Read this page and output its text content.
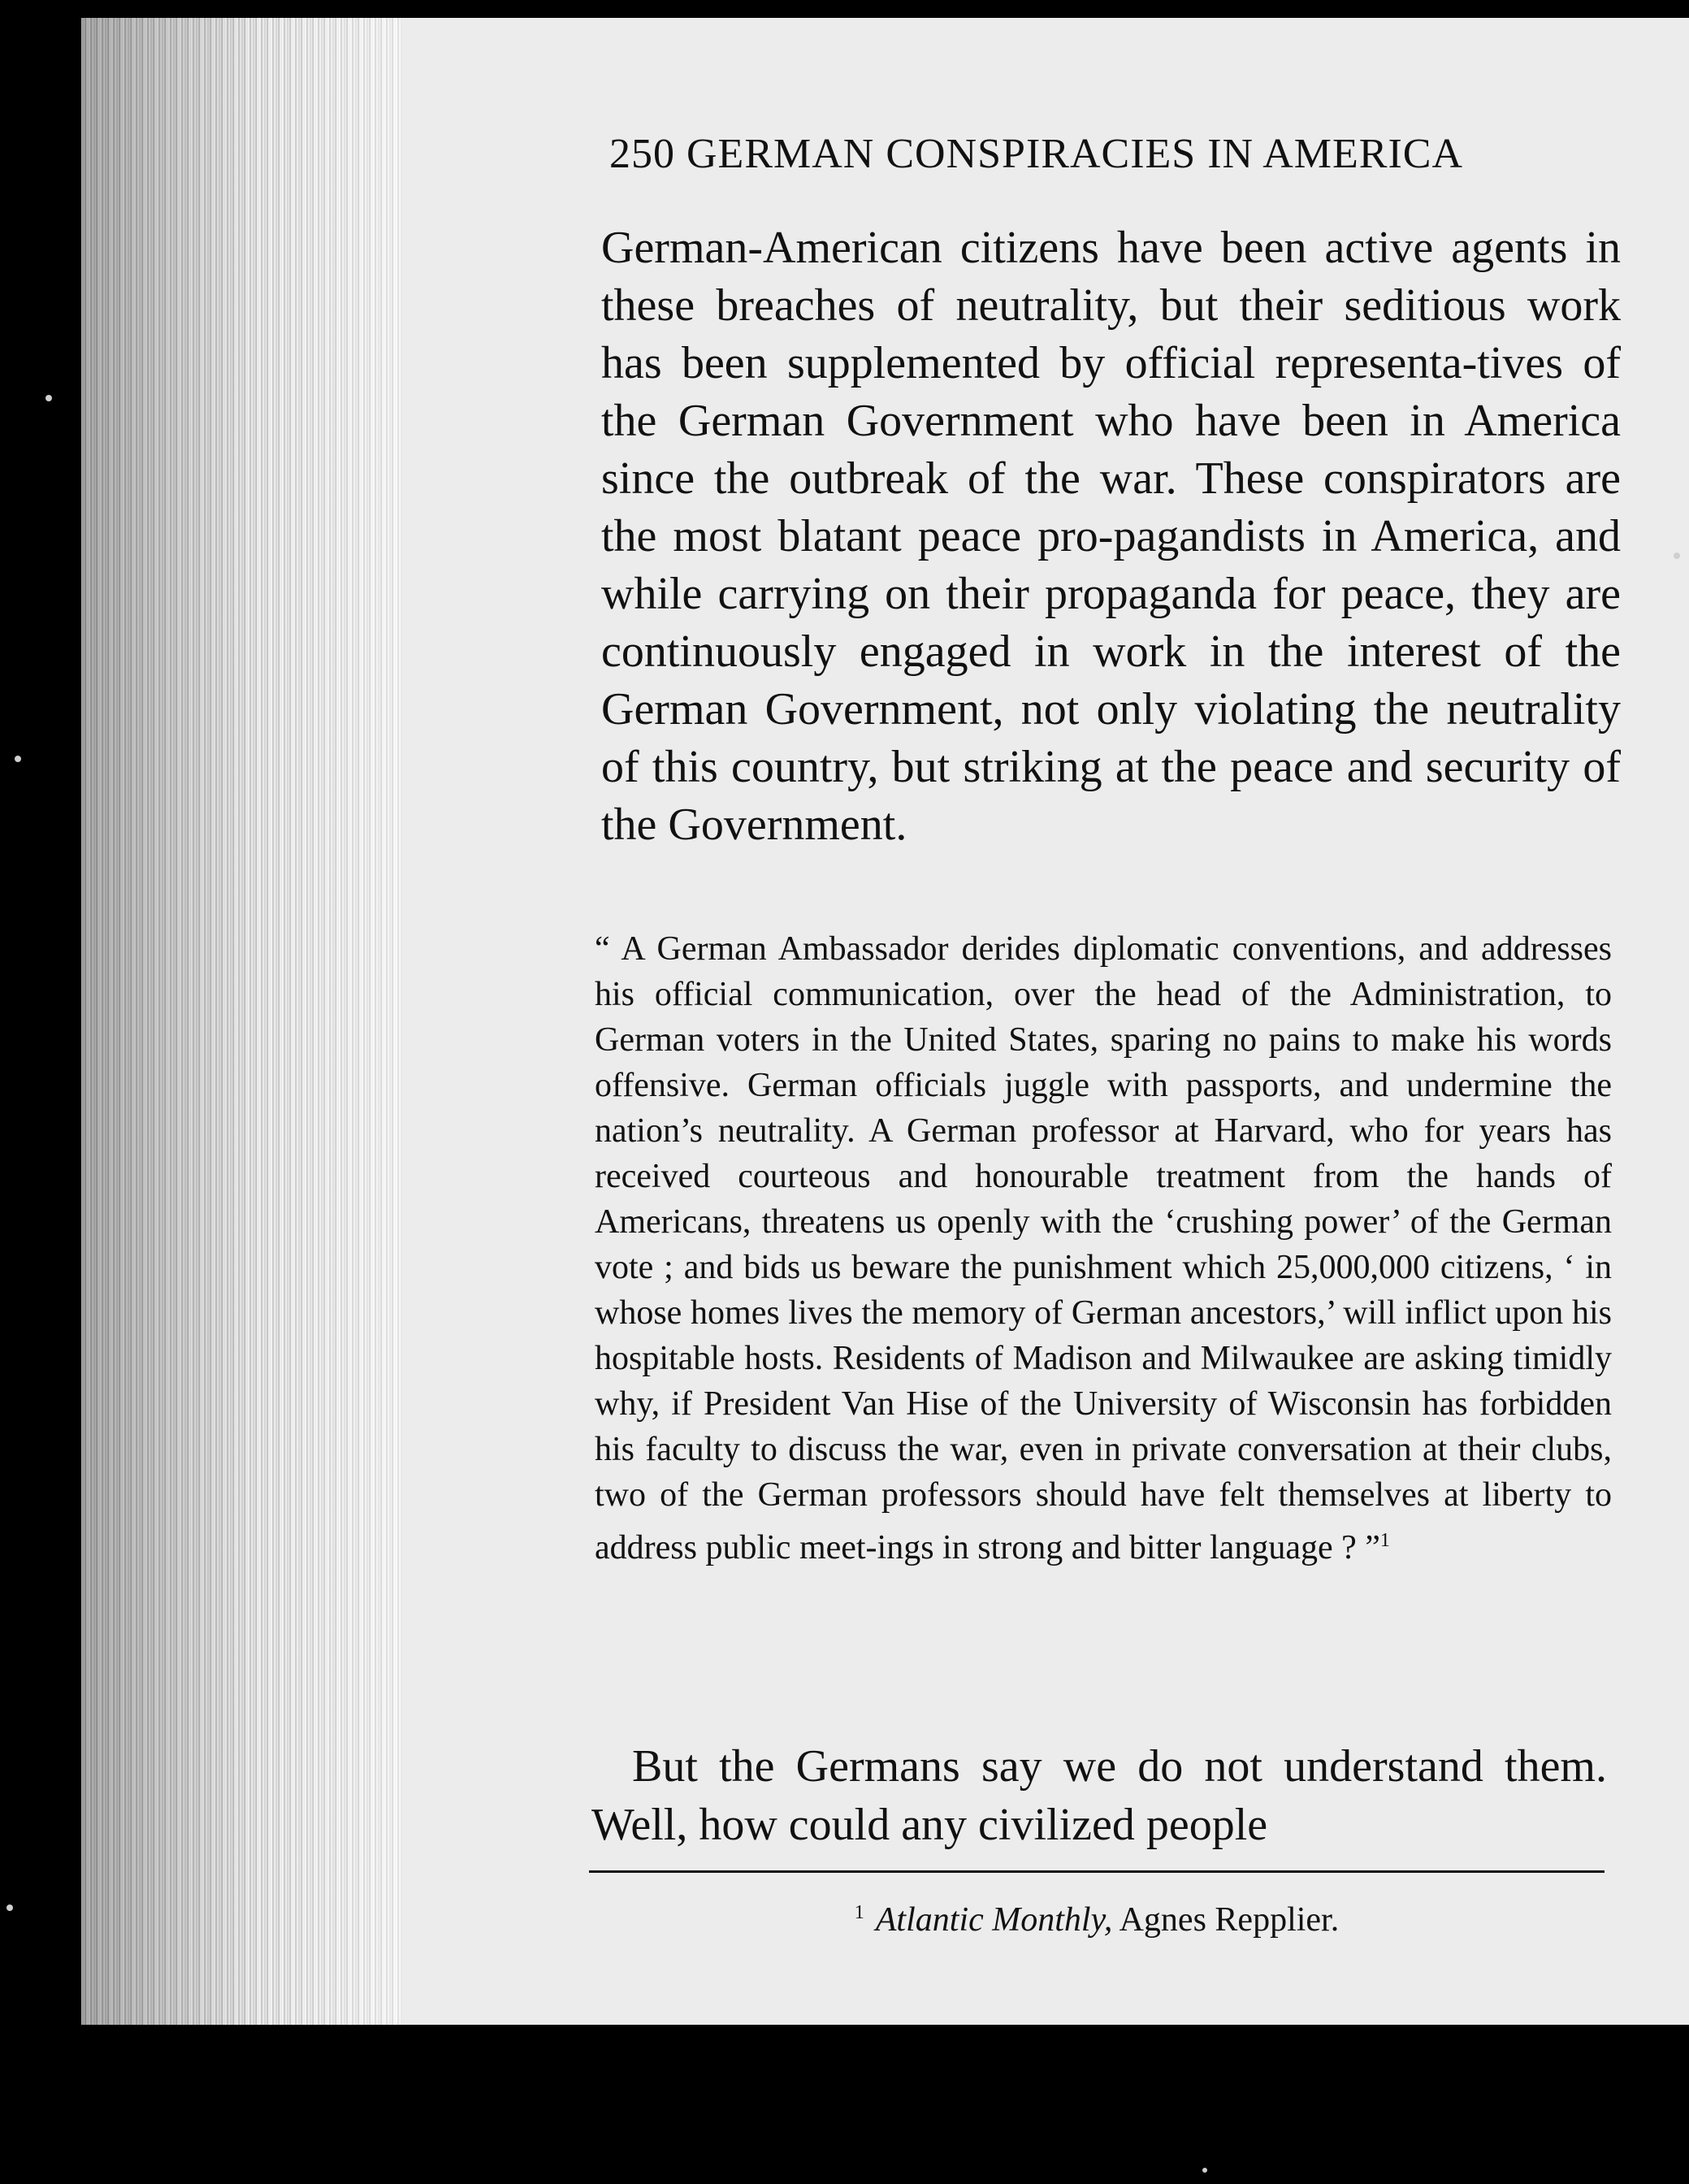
250 GERMAN CONSPIRACIES IN AMERICA
German-American citizens have been active agents in these breaches of neutrality, but their seditious work has been supplemented by official representa-tives of the German Government who have been in America since the outbreak of the war. These conspirators are the most blatant peace pro-pagandists in America, and while carrying on their propaganda for peace, they are continuously engaged in work in the interest of the German Government, not only violating the neutrality of this country, but striking at the peace and security of the Government.
“ A German Ambassador derides diplomatic conventions, and addresses his official communication, over the head of the Administration, to German voters in the United States, sparing no pains to make his words offensive. German officials juggle with passports, and undermine the nation’s neutrality. A German professor at Harvard, who for years has received courteous and honourable treatment from the hands of Americans, threatens us openly with the ‘crushing power’ of the German vote ; and bids us beware the punishment which 25,000,000 citizens, ‘ in whose homes lives the memory of German ancestors,’ will inflict upon his hospitable hosts. Residents of Madison and Milwaukee are asking timidly why, if President Van Hise of the University of Wisconsin has forbidden his faculty to discuss the war, even in private conversation at their clubs, two of the German professors should have felt themselves at liberty to address public meet-ings in strong and bitter language ? ”$^1$
But the Germans say we do not understand them. Well, how could any civilized people
$^1$ Atlantic Monthly, Agnes Repplier.
